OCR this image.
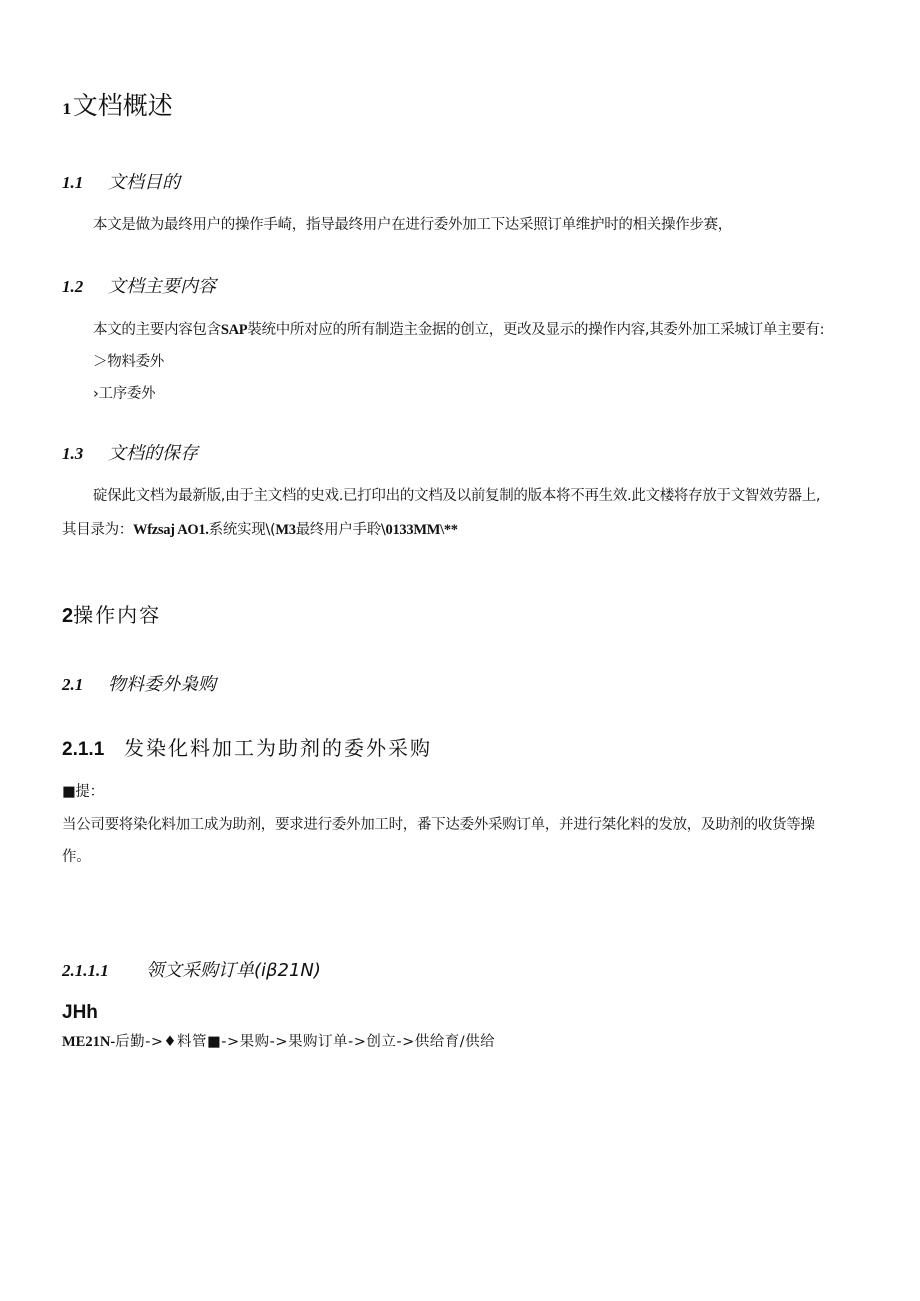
1文档概述
1.1 文档目的
本文是做为最终用户的操作手崎，指导最终用户在进行委外加工下达采照订单维护时的相关操作步赛，
1.2 文档主要内容
本文的主要内容包含SAP裝统中所对应的所有制造主金据的创立，更改及显示的操作内容,其委外加工采城订单主要有:
＞物料委外
›工序委外
1.3 文档的保存
碇保此文档为最新版,由于主文档的史戏.已打印出的文档及以前复制的版本将不再生效.此文楼将存放于文智效劳器上,
其目录为：Wfzsaj AO1.系统实现\(M3最终用户手聆\0133MM\**
2操作内容
2.1 物料委外枭购
2.1.1 发染化料加工为助剂的委外采购
■提：
当公司要将染化料加工成为助剂，要求进行委外加工时，番下达委外采购订单，并进行桀化料的发放，及助剂的收货等操
作。
2.1.1.1 领文采购订单(iβ21N)
JHh
ME21N-后勤->♦料管■->果购->果购订单->创立->供给育/供给
